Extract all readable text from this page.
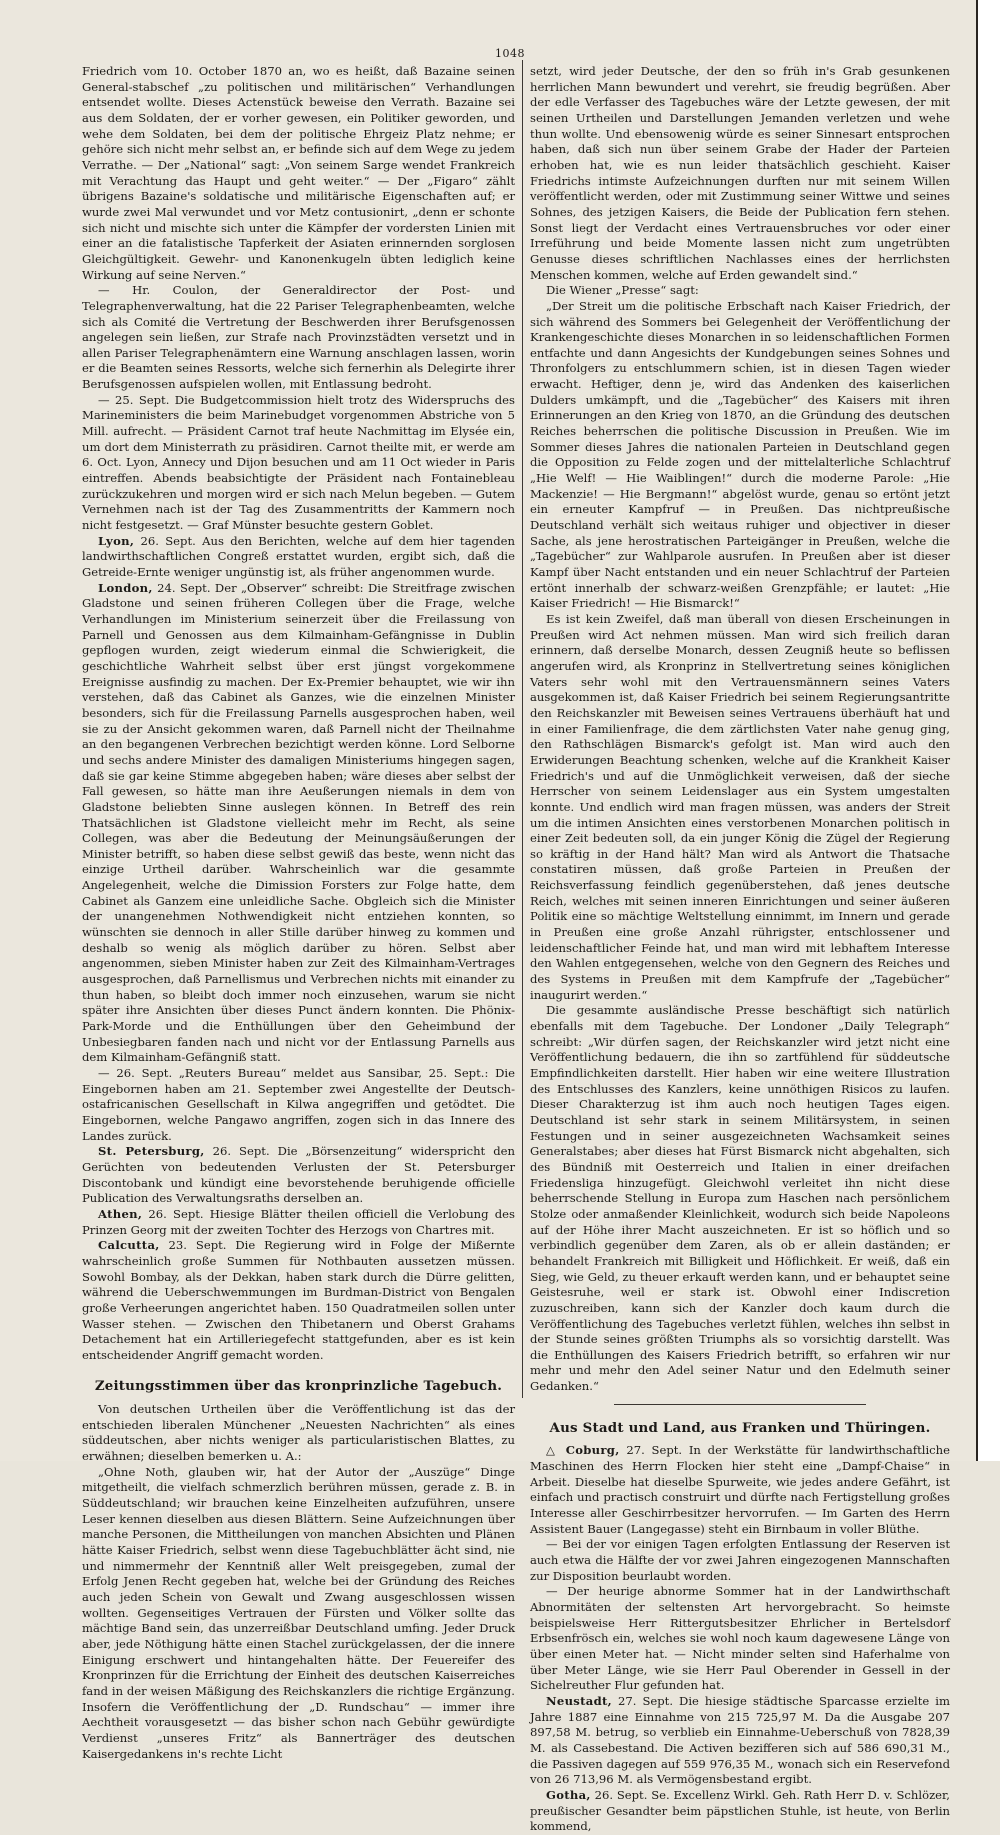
1048

Friedrich vom 10. October 1870 an, wo es heißt, daß Bazaine seinen General-stabschef „zu politischen und militärischen“ Verhandlungen entsendet wollte. Dieses Actenstück beweise den Verrath. Bazaine sei aus dem Soldaten, der er vorher gewesen, ein Politiker geworden, und wehe dem Soldaten, bei dem der politische Ehrgeiz Platz nehme; er gehöre sich nicht mehr selbst an, er befinde sich auf dem Wege zu jedem Verrathe. — Der „National“ sagt: „Von seinem Sarge wendet Frankreich mit Verachtung das Haupt und geht weiter.“ — Der „Figaro“ zählt übrigens Bazaine's soldatische und militärische Eigenschaften auf; er wurde zwei Mal verwundet und vor Metz contusionirt, „denn er schonte sich nicht und mischte sich unter die Kämpfer der vordersten Linien mit einer an die fatalistische Tapferkeit der Asiaten erinnernden sorglosen Gleichgültigkeit. Gewehr- und Kanonenkugeln übten lediglich keine Wirkung auf seine Nerven.“

— Hr. Coulon, der Generaldirector der Post- und Telegraphenverwaltung, hat die 22 Pariser Telegraphenbeamten, welche sich als Comité die Vertretung der Beschwerden ihrer Berufsgenossen angelegen sein ließen, zur Strafe nach Provinzstädten versetzt und in allen Pariser Telegraphenämtern eine Warnung anschlagen lassen, worin er die Beamten seines Ressorts, welche sich fernerhin als Delegirte ihrer Berufsgenossen aufspielen wollen, mit Entlassung bedroht.

— 25. Sept. Die Budgetcommission hielt trotz des Widerspruchs des Marineministers die beim Marinebudget vorgenommen Abstriche von 5 Mill. aufrecht. — Präsident Carnot traf heute Nachmittag im Elysée ein, um dort dem Ministerrath zu präsidiren. Carnot theilte mit, er werde am 6. Oct. Lyon, Annecy und Dijon besuchen und am 11 Oct wieder in Paris eintreffen. Abends beabsichtigte der Präsident nach Fontainebleau zurückzukehren und morgen wird er sich nach Melun begeben. — Gutem Vernehmen nach ist der Tag des Zusammentritts der Kammern noch nicht festgesetzt. — Graf Münster besuchte gestern Goblet.

Lyon, 26. Sept. Aus den Berichten, welche auf dem hier tagenden landwirthschaftlichen Congreß erstattet wurden, ergibt sich, daß die Getreide-Ernte weniger ungünstig ist, als früher angenommen wurde.

London, 24. Sept. Der „Observer“ schreibt: Die Streitfrage zwischen Gladstone und seinen früheren Collegen über die Frage, welche Verhandlungen im Ministerium seinerzeit über die Freilassung von Parnell und Genossen aus dem Kilmainham-Gefängnisse in Dublin gepflogen wurden, zeigt wiederum einmal die Schwierigkeit, die geschichtliche Wahrheit selbst über erst jüngst vorgekommene Ereignisse ausfindig zu machen. Der Ex-Premier behauptet, wie wir ihn verstehen, daß das Cabinet als Ganzes, wie die einzelnen Minister besonders, sich für die Freilassung Parnells ausgesprochen haben, weil sie zu der Ansicht gekommen waren, daß Parnell nicht der Theilnahme an den begangenen Verbrechen bezichtigt werden könne. Lord Selborne und sechs andere Minister des damaligen Ministeriums hingegen sagen, daß sie gar keine Stimme abgegeben haben; wäre dieses aber selbst der Fall gewesen, so hätte man ihre Aeußerungen niemals in dem von Gladstone beliebten Sinne auslegen können. In Betreff des rein Thatsächlichen ist Gladstone vielleicht mehr im Recht, als seine Collegen, was aber die Bedeutung der Meinungsäußerungen der Minister betrifft, so haben diese selbst gewiß das beste, wenn nicht das einzige Urtheil darüber. Wahrscheinlich war die gesammte Angelegenheit, welche die Dimission Forsters zur Folge hatte, dem Cabinet als Ganzem eine unleidliche Sache. Obgleich sich die Minister der unangenehmen Nothwendigkeit nicht entziehen konnten, so wünschten sie dennoch in aller Stille darüber hinweg zu kommen und deshalb so wenig als möglich darüber zu hören. Selbst aber angenommen, sieben Minister haben zur Zeit des Kilmainham-Vertrages ausgesprochen, daß Parnellismus und Verbrechen nichts mit einander zu thun haben, so bleibt doch immer noch einzusehen, warum sie nicht später ihre Ansichten über dieses Punct ändern konnten. Die Phönix-Park-Morde und die Enthüllungen über den Geheimbund der Unbesiegbaren fanden nach und nicht vor der Entlassung Parnells aus dem Kilmainham-Gefängniß statt.

— 26. Sept. „Reuters Bureau“ meldet aus Sansibar, 25. Sept.: Die Eingebornen haben am 21. September zwei Angestellte der Deutsch-ostafricanischen Gesellschaft in Kilwa angegriffen und getödtet. Die Eingebornen, welche Pangawo angriffen, zogen sich in das Innere des Landes zurück.

St. Petersburg, 26. Sept. Die „Börsenzeitung“ widerspricht den Gerüchten von bedeutenden Verlusten der St. Petersburger Discontobank und kündigt eine bevorstehende beruhigende officielle Publication des Verwaltungsraths derselben an.

Athen, 26. Sept. Hiesige Blätter theilen officiell die Verlobung des Prinzen Georg mit der zweiten Tochter des Herzogs von Chartres mit.

Calcutta, 23. Sept. Die Regierung wird in Folge der Mißernte wahrscheinlich große Summen für Nothbauten aussetzen müssen. Sowohl Bombay, als der Dekkan, haben stark durch die Dürre gelitten, während die Ueberschwemmungen im Burdman-District von Bengalen große Verheerungen angerichtet haben. 150 Quadratmeilen sollen unter Wasser stehen. — Zwischen den Thibetanern und Oberst Grahams Detachement hat ein Artilleriegefecht stattgefunden, aber es ist kein entscheidender Angriff gemacht worden.

Zeitungsstimmen über das kronprinzliche Tagebuch.

Von deutschen Urtheilen über die Veröffentlichung ist das der entschieden liberalen Münchener „Neuesten Nachrichten“ als eines süddeutschen, aber nichts weniger als particularistischen Blattes, zu erwähnen; dieselben bemerken u. A.:

„Ohne Noth, glauben wir, hat der Autor der „Auszüge“ Dinge mitgetheilt, die vielfach schmerzlich berühren müssen, gerade z. B. in Süddeutschland; wir brauchen keine Einzelheiten aufzuführen, unsere Leser kennen dieselben aus diesen Blättern. Seine Aufzeichnungen über manche Personen, die Mittheilungen von manchen Absichten und Plänen hätte Kaiser Friedrich, selbst wenn diese Tagebuchblätter ächt sind, nie und nimmermehr der Kenntniß aller Welt preisgegeben, zumal der Erfolg Jenen Recht gegeben hat, welche bei der Gründung des Reiches auch jeden Schein von Gewalt und Zwang ausgeschlossen wissen wollten. Gegenseitiges Vertrauen der Fürsten und Völker sollte das mächtige Band sein, das unzerreißbar Deutschland umfing. Jeder Druck aber, jede Nöthigung hätte einen Stachel zurückgelassen, der die innere Einigung erschwert und hintangehalten hätte. Der Feuereifer des Kronprinzen für die Errichtung der Einheit des deutschen Kaiserreiches fand in der weisen Mäßigung des Reichskanzlers die richtige Ergänzung. Insofern die Veröffentlichung der „D. Rundschau“ — immer ihre Aechtheit vorausgesetzt — das bisher schon nach Gebühr gewürdigte Verdienst „unseres Fritz“ als Bannerträger des deutschen Kaisergedankens in's rechte Licht

setzt, wird jeder Deutsche, der den so früh in's Grab gesunkenen herrlichen Mann bewundert und verehrt, sie freudig begrüßen. Aber der edle Verfasser des Tagebuches wäre der Letzte gewesen, der mit seinen Urtheilen und Darstellungen Jemanden verletzen und wehe thun wollte. Und ebensowenig würde es seiner Sinnesart entsprochen haben, daß sich nun über seinem Grabe der Hader der Parteien erhoben hat, wie es nun leider thatsächlich geschieht. Kaiser Friedrichs intimste Aufzeichnungen durften nur mit seinem Willen veröffentlicht werden, oder mit Zustimmung seiner Wittwe und seines Sohnes, des jetzigen Kaisers, die Beide der Publication fern stehen. Sonst liegt der Verdacht eines Vertrauensbruches vor oder einer Irreführung und beide Momente lassen nicht zum ungetrübten Genusse dieses schriftlichen Nachlasses eines der herrlichsten Menschen kommen, welche auf Erden gewandelt sind.“

Die Wiener „Presse“ sagt:

„Der Streit um die politische Erbschaft nach Kaiser Friedrich, der sich während des Sommers bei Gelegenheit der Veröffentlichung der Krankengeschichte dieses Monarchen in so leidenschaftlichen Formen entfachte und dann Angesichts der Kundgebungen seines Sohnes und Thronfolgers zu entschlummern schien, ist in diesen Tagen wieder erwacht. Heftiger, denn je, wird das Andenken des kaiserlichen Dulders umkämpft, und die „Tagebücher“ des Kaisers mit ihren Erinnerungen an den Krieg von 1870, an die Gründung des deutschen Reiches beherrschen die politische Discussion in Preußen. Wie im Sommer dieses Jahres die nationalen Parteien in Deutschland gegen die Opposition zu Felde zogen und der mittelalterliche Schlachtruf „Hie Welf! — Hie Waiblingen!“ durch die moderne Parole: „Hie Mackenzie! — Hie Bergmann!“ abgelöst wurde, genau so ertönt jetzt ein erneuter Kampfruf — in Preußen. Das nichtpreußische Deutschland verhält sich weitaus ruhiger und objectiver in dieser Sache, als jene herostratischen Parteigänger in Preußen, welche die „Tagebücher“ zur Wahlparole ausrufen. In Preußen aber ist dieser Kampf über Nacht entstanden und ein neuer Schlachtruf der Parteien ertönt innerhalb der schwarz-weißen Grenzpfähle; er lautet: „Hie Kaiser Friedrich! — Hie Bismarck!“

Es ist kein Zweifel, daß man überall von diesen Erscheinungen in Preußen wird Act nehmen müssen. Man wird sich freilich daran erinnern, daß derselbe Monarch, dessen Zeugniß heute so beflissen angerufen wird, als Kronprinz in Stellvertretung seines königlichen Vaters sehr wohl mit den Vertrauensmännern seines Vaters ausgekommen ist, daß Kaiser Friedrich bei seinem Regierungsantritte den Reichskanzler mit Beweisen seines Vertrauens überhäuft hat und in einer Familienfrage, die dem zärtlichsten Vater nahe genug ging, den Rathschlägen Bismarck's gefolgt ist. Man wird auch den Erwiderungen Beachtung schenken, welche auf die Krankheit Kaiser Friedrich's und auf die Unmöglichkeit verweisen, daß der sieche Herrscher von seinem Leidenslager aus ein System umgestalten konnte. Und endlich wird man fragen müssen, was anders der Streit um die intimen Ansichten eines verstorbenen Monarchen politisch in einer Zeit bedeuten soll, da ein junger König die Zügel der Regierung so kräftig in der Hand hält? Man wird als Antwort die Thatsache constatiren müssen, daß große Parteien in Preußen der Reichsverfassung feindlich gegenüberstehen, daß jenes deutsche Reich, welches mit seinen inneren Einrichtungen und seiner äußeren Politik eine so mächtige Weltstellung einnimmt, im Innern und gerade in Preußen eine große Anzahl rührigster, entschlossener und leidenschaftlicher Feinde hat, und man wird mit lebhaftem Interesse den Wahlen entgegensehen, welche von den Gegnern des Reiches und des Systems in Preußen mit dem Kampfrufe der „Tagebücher“ inaugurirt werden.“

Die gesammte ausländische Presse beschäftigt sich natürlich ebenfalls mit dem Tagebuche. Der Londoner „Daily Telegraph“ schreibt: „Wir dürfen sagen, der Reichskanzler wird jetzt nicht eine Veröffentlichung bedauern, die ihn so zartfühlend für süddeutsche Empfindlichkeiten darstellt. Hier haben wir eine weitere Illustration des Entschlusses des Kanzlers, keine unnöthigen Risicos zu laufen. Dieser Charakterzug ist ihm auch noch heutigen Tages eigen. Deutschland ist sehr stark in seinem Militärsystem, in seinen Festungen und in seiner ausgezeichneten Wachsamkeit seines Generalstabes; aber dieses hat Fürst Bismarck nicht abgehalten, sich des Bündniß mit Oesterreich und Italien in einer dreifachen Friedensliga hinzugefügt. Gleichwohl verleitet ihn nicht diese beherrschende Stellung in Europa zum Haschen nach persönlichem Stolze oder anmaßender Kleinlichkeit, wodurch sich beide Napoleons auf der Höhe ihrer Macht auszeichneten. Er ist so höflich und so verbindlich gegenüber dem Zaren, als ob er allein daständen; er behandelt Frankreich mit Billigkeit und Höflichkeit. Er weiß, daß ein Sieg, wie Geld, zu theuer erkauft werden kann, und er behauptet seine Geistesruhe, weil er stark ist. Obwohl einer Indiscretion zuzuschreiben, kann sich der Kanzler doch kaum durch die Veröffentlichung des Tagebuches verletzt fühlen, welches ihn selbst in der Stunde seines größten Triumphs als so vorsichtig darstellt. Was die Enthüllungen des Kaisers Friedrich betrifft, so erfahren wir nur mehr und mehr den Adel seiner Natur und den Edelmuth seiner Gedanken.“

Aus Stadt und Land, aus Franken und Thüringen.

△ Coburg, 27. Sept. In der Werkstätte für landwirthschaftliche Maschinen des Herrn Flocken hier steht eine „Dampf-Chaise“ in Arbeit. Dieselbe hat dieselbe Spurweite, wie jedes andere Gefährt, ist einfach und practisch construirt und dürfte nach Fertigstellung großes Interesse aller Geschirrbesitzer hervorrufen. — Im Garten des Herrn Assistent Bauer (Langegasse) steht ein Birnbaum in voller Blüthe.

— Bei der vor einigen Tagen erfolgten Entlassung der Reserven ist auch etwa die Hälfte der vor zwei Jahren eingezogenen Mannschaften zur Disposition beurlaubt worden.

— Der heurige abnorme Sommer hat in der Landwirthschaft Abnormitäten der seltensten Art hervorgebracht. So heimste beispielsweise Herr Rittergutsbesitzer Ehrlicher in Bertelsdorf Erbsenfrösch ein, welches sie wohl noch kaum dagewesene Länge von über einen Meter hat. — Nicht minder selten sind Haferhalme von über Meter Länge, wie sie Herr Paul Oberender in Gessell in der Sichelreuther Flur gefunden hat.

Neustadt, 27. Sept. Die hiesige städtische Sparcasse erzielte im Jahre 1887 eine Einnahme von 215 725,97 M. Da die Ausgabe 207 897,58 M. betrug, so verblieb ein Einnahme-Ueberschuß von 7828,39 M. als Cassebestand. Die Activen bezifferen sich auf 586 690,31 M., die Passiven dagegen auf 559 976,35 M., wonach sich ein Reservefond von 26 713,96 M. als Vermögensbestand ergibt.

Gotha, 26. Sept. Se. Excellenz Wirkl. Geh. Rath Herr D. v. Schlözer, preußischer Gesandter beim päpstlichen Stuhle, ist heute, von Berlin kommend,
